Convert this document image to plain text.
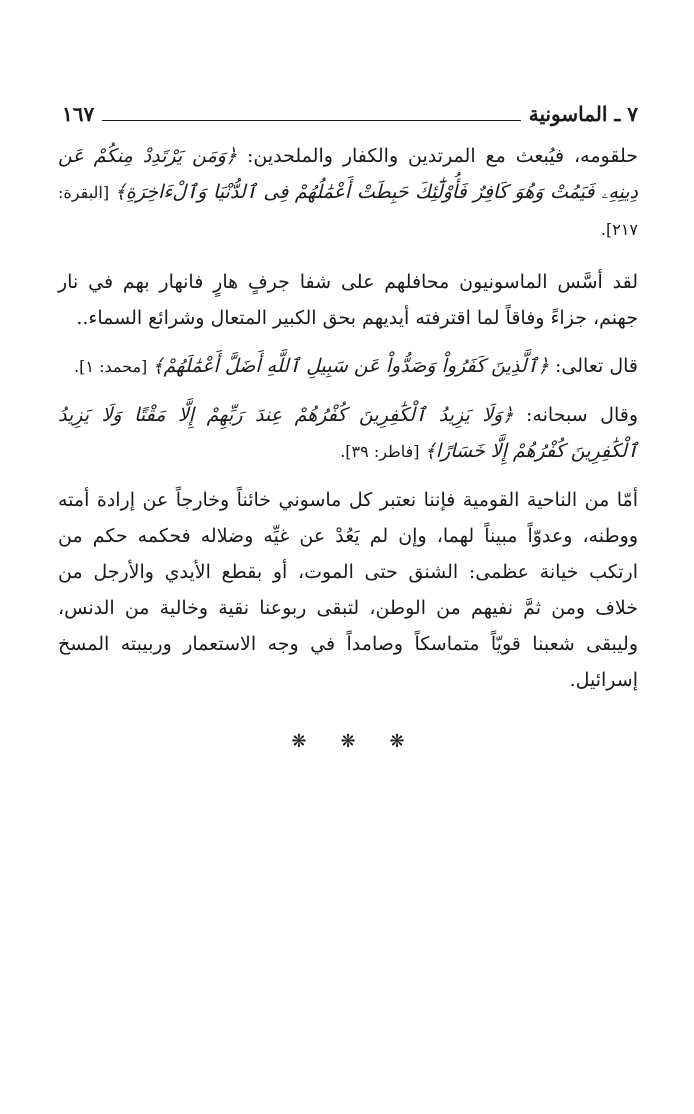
٧ ـ الماسونية
١٦٧

حلقومه، فيُبعث مع المرتدين والكفار والملحدين: ﴿وَمَن يَرْتَدِدْ مِنكُمْ عَن دِينِهِۦ فَيَمُتْ وَهُوَ كَافِرٌ فَأُوْلَٰٓئِكَ حَبِطَتْ أَعْمَٰلُهُمْ فِى ٱلدُّنْيَا وَٱلْءَاخِرَةِ﴾ [البقرة: ٢١٧].

لقد أسَّس الماسونيون محافلهم على شفا جرفٍ هارٍ فانهار بهم في نار جهنم، جزاءً وفاقاً لما اقترفته أيديهم بحق الكبير المتعال وشرائع السماء..

قال تعالى: ﴿ٱلَّذِينَ كَفَرُواْ وَصَدُّواْ عَن سَبِيلِ ٱللَّهِ أَضَلَّ أَعْمَٰلَهُمْ﴾ [محمد: ١].

وقال سبحانه: ﴿وَلَا يَزِيدُ ٱلْكَٰفِرِينَ كُفْرُهُمْ عِندَ رَبِّهِمْ إِلَّا مَقْتًا وَلَا يَزِيدُ ٱلْكَٰفِرِينَ كُفْرُهُمْ إِلَّا خَسَارًا﴾ [فاطر: ٣٩].

أمّا من الناحية القومية فإننا نعتبر كل ماسوني خائناً وخارجاً عن إرادة أمته ووطنه، وعدوّاً مبيناً لهما، وإن لم يَعُدْ عن غيِّه وضلاله فحكمه حكم من ارتكب خيانة عظمى: الشنق حتى الموت، أو بقطع الأيدي والأرجل من خلاف ومن ثمَّ نفيهم من الوطن، لتبقى ربوعنا نقية وخالية من الدنس، وليبقى شعبنا قويّاً متماسكاً وصامداً في وجه الاستعمار وربيبته المسخ إسرائيل.

❋ ❋ ❋
